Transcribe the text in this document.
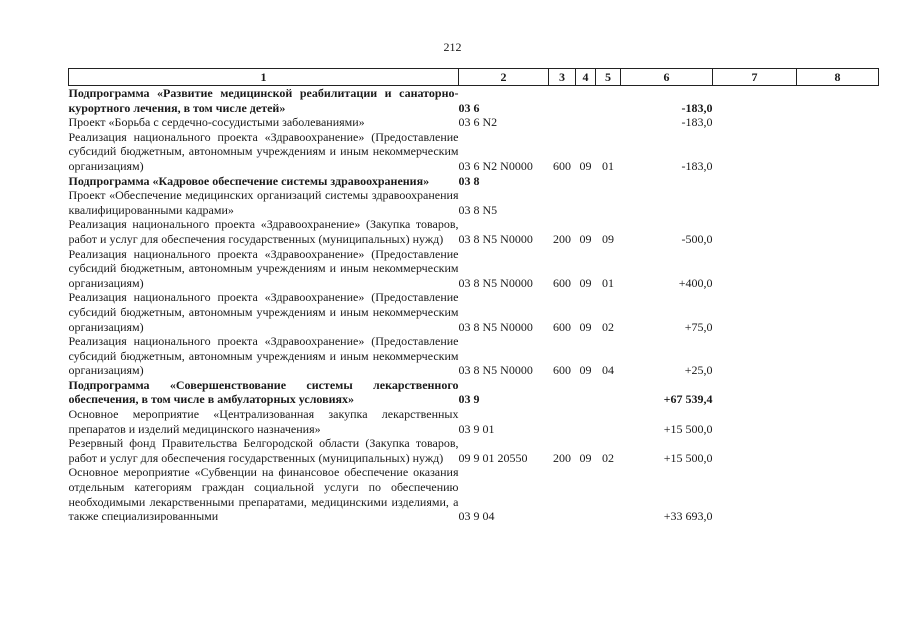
212
1	2	3	4	5	6	7	8
Подпрограмма «Развитие медицинской реабилитации и санаторно-курортного лечения, в том числе детей»	03 6				-183,0		
Проект «Борьба с сердечно-сосудистыми заболеваниями»	03 6 N2				-183,0		
Реализация национального проекта «Здравоохранение» (Предоставление субсидий бюджетным, автономным учреждениям и иным некоммерческим организациям)	03 6 N2 N0000	600	09	01	-183,0		
Подпрограмма «Кадровое обеспечение системы здравоохранения»	03 8						
Проект «Обеспечение медицинских организаций системы здравоохранения квалифицированными кадрами»	03 8 N5						
Реализация национального проекта «Здравоохранение» (Закупка товаров, работ и услуг для обеспечения государственных (муниципальных) нужд)	03 8 N5 N0000	200	09	09	-500,0		
Реализация национального проекта «Здравоохранение» (Предоставление субсидий бюджетным, автономным учреждениям и иным некоммерческим организациям)	03 8 N5 N0000	600	09	01	+400,0		
Реализация национального проекта «Здравоохранение» (Предоставление субсидий бюджетным, автономным учреждениям и иным некоммерческим организациям)	03 8 N5 N0000	600	09	02	+75,0		
Реализация национального проекта «Здравоохранение» (Предоставление субсидий бюджетным, автономным учреждениям и иным некоммерческим организациям)	03 8 N5 N0000	600	09	04	+25,0		
Подпрограмма «Совершенствование системы лекарственного обеспечения, в том числе в амбулаторных условиях»	03 9				+67 539,4		
Основное мероприятие «Централизованная закупка лекарственных препаратов и изделий медицинского назначения»	03 9 01				+15 500,0		
Резервный фонд Правительства Белгородской области (Закупка товаров, работ и услуг для обеспечения государственных (муниципальных) нужд)	09 9 01 20550	200	09	02	+15 500,0		
Основное мероприятие «Субвенции на финансовое обеспечение оказания отдельным категориям граждан социальной услуги по обеспечению необходимыми лекарственными препаратами, медицинскими изделиями, а также специализированными	03 9 04				+33 693,0		
